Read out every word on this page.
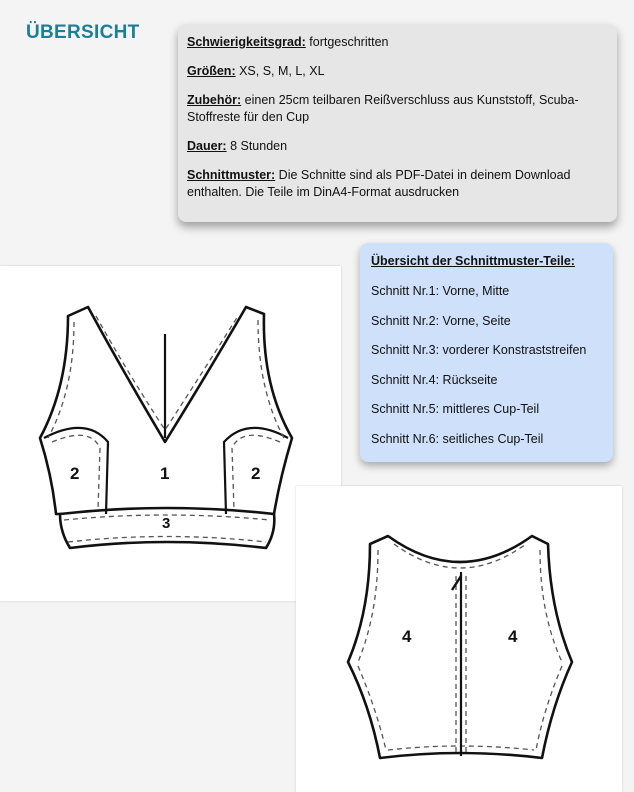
ÜBERSICHT	Schwierigkeitsgrad: fortgeschritten
Größen: XS, S, M, L, XL
Zubehör: einen 25cm teilbaren Reißverschluss aus Kunststoff, Scuba-Stoffreste für den Cup
Dauer: 8 Stunden
Schnittmuster: Die Schnitte sind als PDF-Datei in deinem Download enthalten. Die Teile im DinA4-Format ausdrucken
Übersicht der Schnittmuster-Teile:
Schnitt Nr.1: Vorne, Mitte
Schnitt Nr.2: Vorne, Seite
Schnitt Nr.3: vorderer Konstraststreifen
Schnitt Nr.4: Rückseite
Schnitt Nr.5: mittleres Cup-Teil
Schnitt Nr.6: seitliches Cup-Teil
2	1	2
3
4	4
